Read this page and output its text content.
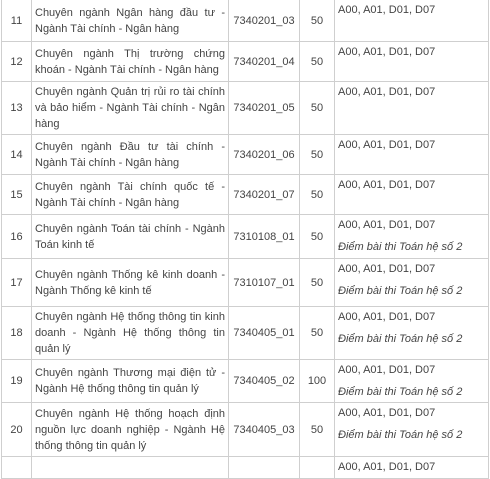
11	Chuyên ngành Ngân hàng đầu tư - Ngành Tài chính - Ngân hàng	7340201_03	50	A00, A01, D01, D07
12	Chuyên ngành Thị trường chứng khoán - Ngành Tài chính - Ngân hàng	7340201_04	50	A00, A01, D01, D07
13	Chuyên ngành Quản trị rủi ro tài chính và bảo hiểm - Ngành Tài chính - Ngân hàng	7340201_05	50	A00, A01, D01, D07
14	Chuyên ngành Đầu tư tài chính - Ngành Tài chính - Ngân hàng	7340201_06	50	A00, A01, D01, D07
15	Chuyên ngành Tài chính quốc tế - Ngành Tài chính - Ngân hàng	7340201_07	50	A00, A01, D01, D07
16	Chuyên ngành Toán tài chính - Ngành Toán kinh tế	7310108_01	50	A00, A01, D01, D07
Điểm bài thi Toán hệ số 2

17	Chuyên ngành Thống kê kinh doanh - Ngành Thống kê kinh tế	7310107_01	50	A00, A01, D01, D07
Điểm bài thi Toán hệ số 2

18	Chuyên ngành Hệ thống thông tin kinh doanh - Ngành Hệ thống thông tin quản lý	7340405_01	50	A00, A01, D01, D07
Điểm bài thi Toán hệ số 2

19	Chuyên ngành Thương mại điện tử - Ngành Hệ thống thông tin quản lý	7340405_02	100	A00, A01, D01, D07
Điểm bài thi Toán hệ số 2

20	Chuyên ngành Hệ thống hoạch định nguồn lực doanh nghiệp - Ngành Hệ thống thông tin quản lý	7340405_03	50	A00, A01, D01, D07
Điểm bài thi Toán hệ số 2

				A00, A01, D01, D07
